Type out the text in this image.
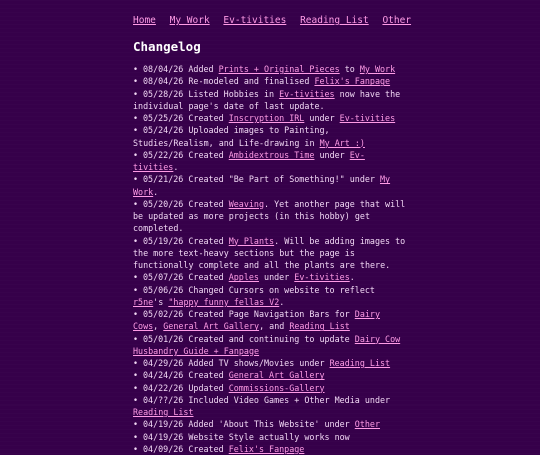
Home My Work Ev-tivities Reading List Other
Changelog
• 08/04/26 Added Prints + Original Pieces to My Work
• 08/04/26 Re-modeled and finalised Felix's Fanpage
• 05/28/26 Listed Hobbies in Ev-tivities now have the individual page's date of last update.
• 05/25/26 Created Inscryption IRL under Ev-tivities
• 05/24/26 Uploaded images to Painting, Studies/Realism, and Life-drawing in My Art :)
• 05/22/26 Created Ambidextrous Time under Ev-tivities.
• 05/21/26 Created "Be Part of Something!" under My Work.
• 05/20/26 Created Weaving. Yet another page that will be updated as more projects (in this hobby) get completed.
• 05/19/26 Created My Plants. Will be adding images to the more text-heavy sections but the page is functionally complete and all the plants are there.
• 05/07/26 Created Apples under Ev-tivities.
• 05/06/26 Changed Cursors on website to reflect r5ne's "happy funny fellas V2.
• 05/02/26 Created Page Navigation Bars for Dairy Cows, General Art Gallery, and Reading List
• 05/01/26 Created and continuing to update Dairy Cow Husbandry Guide + Fanpage
• 04/29/26 Added TV shows/Movies under Reading List
• 04/24/26 Created General Art Gallery
• 04/22/26 Updated Commissions-Gallery
• 04/??/26 Included Video Games + Other Media under Reading List
• 04/19/26 Added 'About This Website' under Other
• 04/19/26 Website Style actually works now
• 04/09/26 Created Felix's Fanpage
